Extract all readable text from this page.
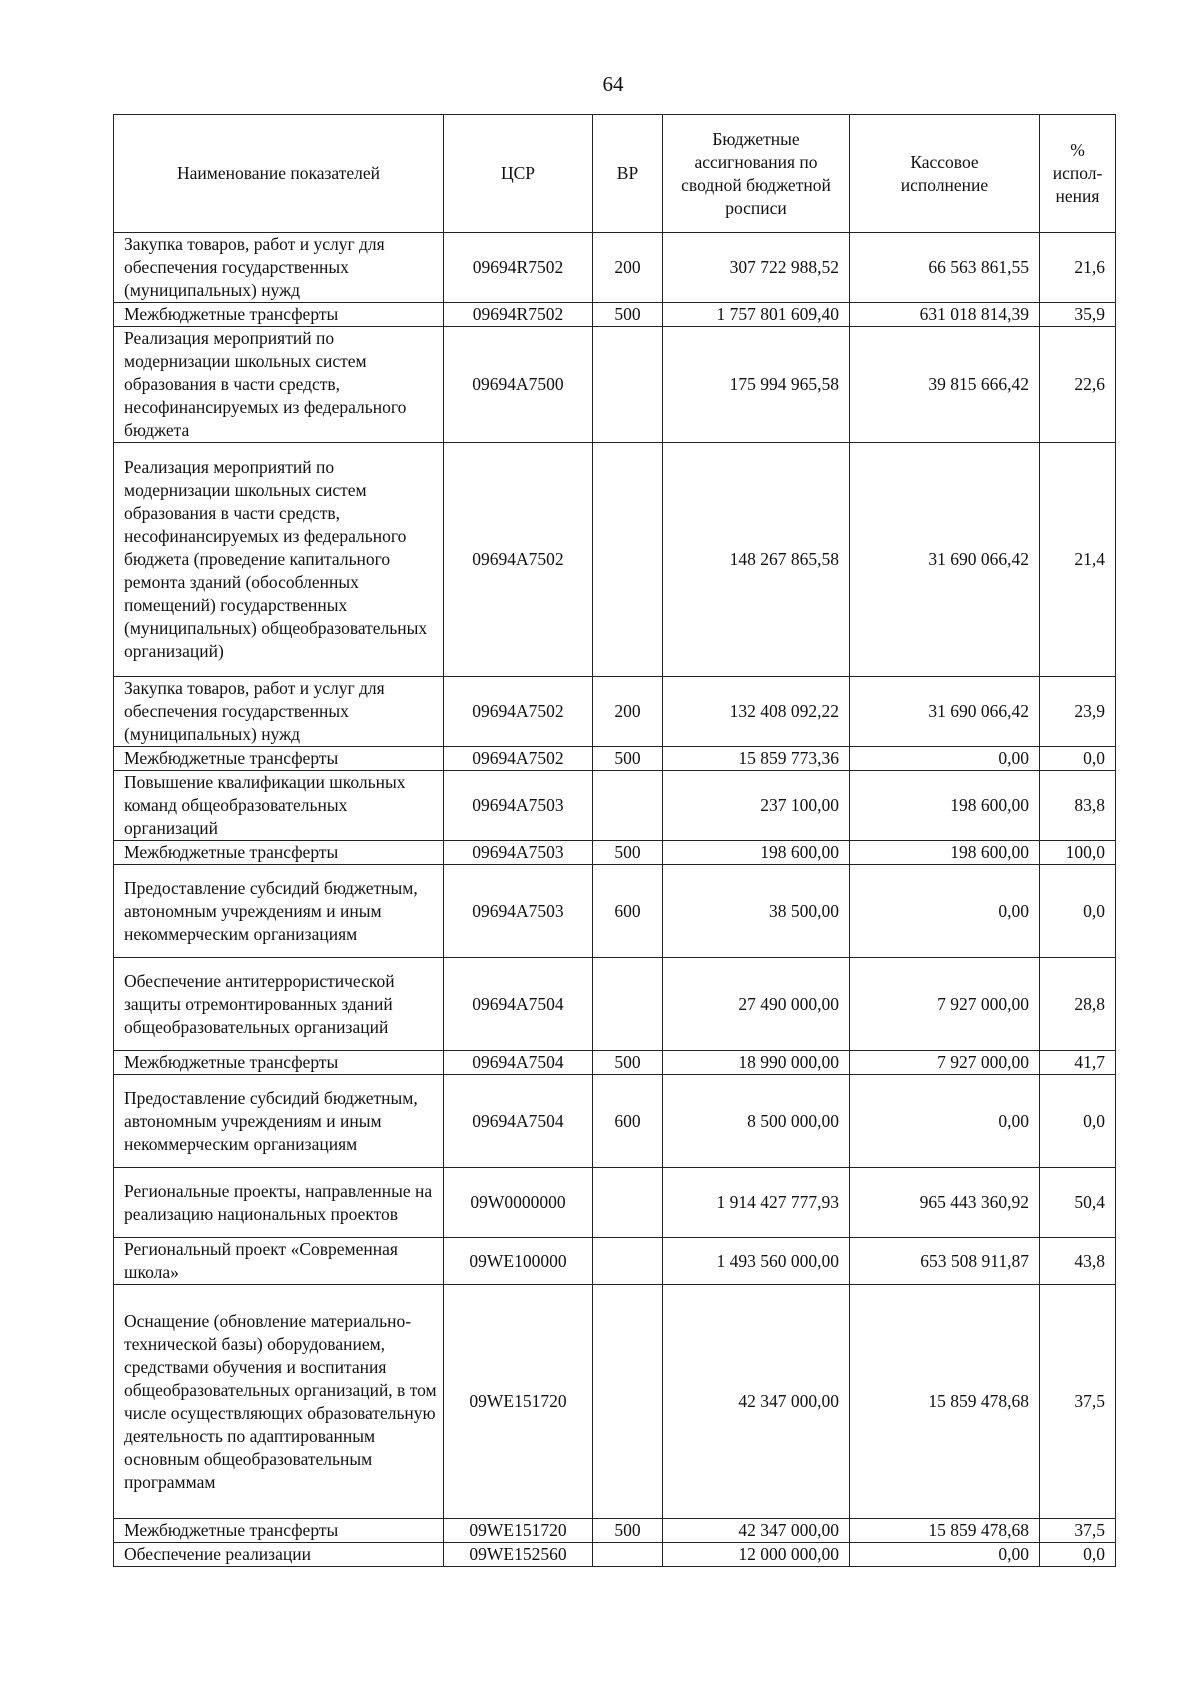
64
Наименование показателей	ЦСР	ВР	Бюджетные ассигнования по сводной бюджетной росписи	Кассовое исполнение	% испол-нения
Закупка товаров, работ и услуг для обеспечения государственных (муниципальных) нужд	09694R7502	200	307 722 988,52	66 563 861,55	21,6
Межбюджетные трансферты	09694R7502	500	1 757 801 609,40	631 018 814,39	35,9
Реализация мероприятий по модернизации школьных систем образования в части средств, несофинансируемых из федерального бюджета	09694A7500		175 994 965,58	39 815 666,42	22,6
Реализация мероприятий по модернизации школьных систем образования в части средств, несофинансируемых из федерального бюджета (проведение капитального ремонта зданий (обособленных помещений) государственных (муниципальных) общеобразовательных организаций)	09694A7502		148 267 865,58	31 690 066,42	21,4
Закупка товаров, работ и услуг для обеспечения государственных (муниципальных) нужд	09694A7502	200	132 408 092,22	31 690 066,42	23,9
Межбюджетные трансферты	09694A7502	500	15 859 773,36	0,00	0,0
Повышение квалификации школьных команд общеобразовательных организаций	09694A7503		237 100,00	198 600,00	83,8
Межбюджетные трансферты	09694A7503	500	198 600,00	198 600,00	100,0
Предоставление субсидий бюджетным, автономным учреждениям и иным некоммерческим организациям	09694A7503	600	38 500,00	0,00	0,0
Обеспечение антитеррористической защиты отремонтированных зданий общеобразовательных организаций	09694A7504		27 490 000,00	7 927 000,00	28,8
Межбюджетные трансферты	09694A7504	500	18 990 000,00	7 927 000,00	41,7
Предоставление субсидий бюджетным, автономным учреждениям и иным некоммерческим организациям	09694A7504	600	8 500 000,00	0,00	0,0
Региональные проекты, направленные на реализацию национальных проектов	09W0000000		1 914 427 777,93	965 443 360,92	50,4
Региональный проект «Современная школа»	09WE100000		1 493 560 000,00	653 508 911,87	43,8
Оснащение (обновление материально-технической базы) оборудованием, средствами обучения и воспитания общеобразовательных организаций, в том числе осуществляющих образовательную деятельность по адаптированным основным общеобразовательным программам	09WE151720		42 347 000,00	15 859 478,68	37,5
Межбюджетные трансферты	09WE151720	500	42 347 000,00	15 859 478,68	37,5
Обеспечение реализации	09WE152560		12 000 000,00	0,00	0,0
